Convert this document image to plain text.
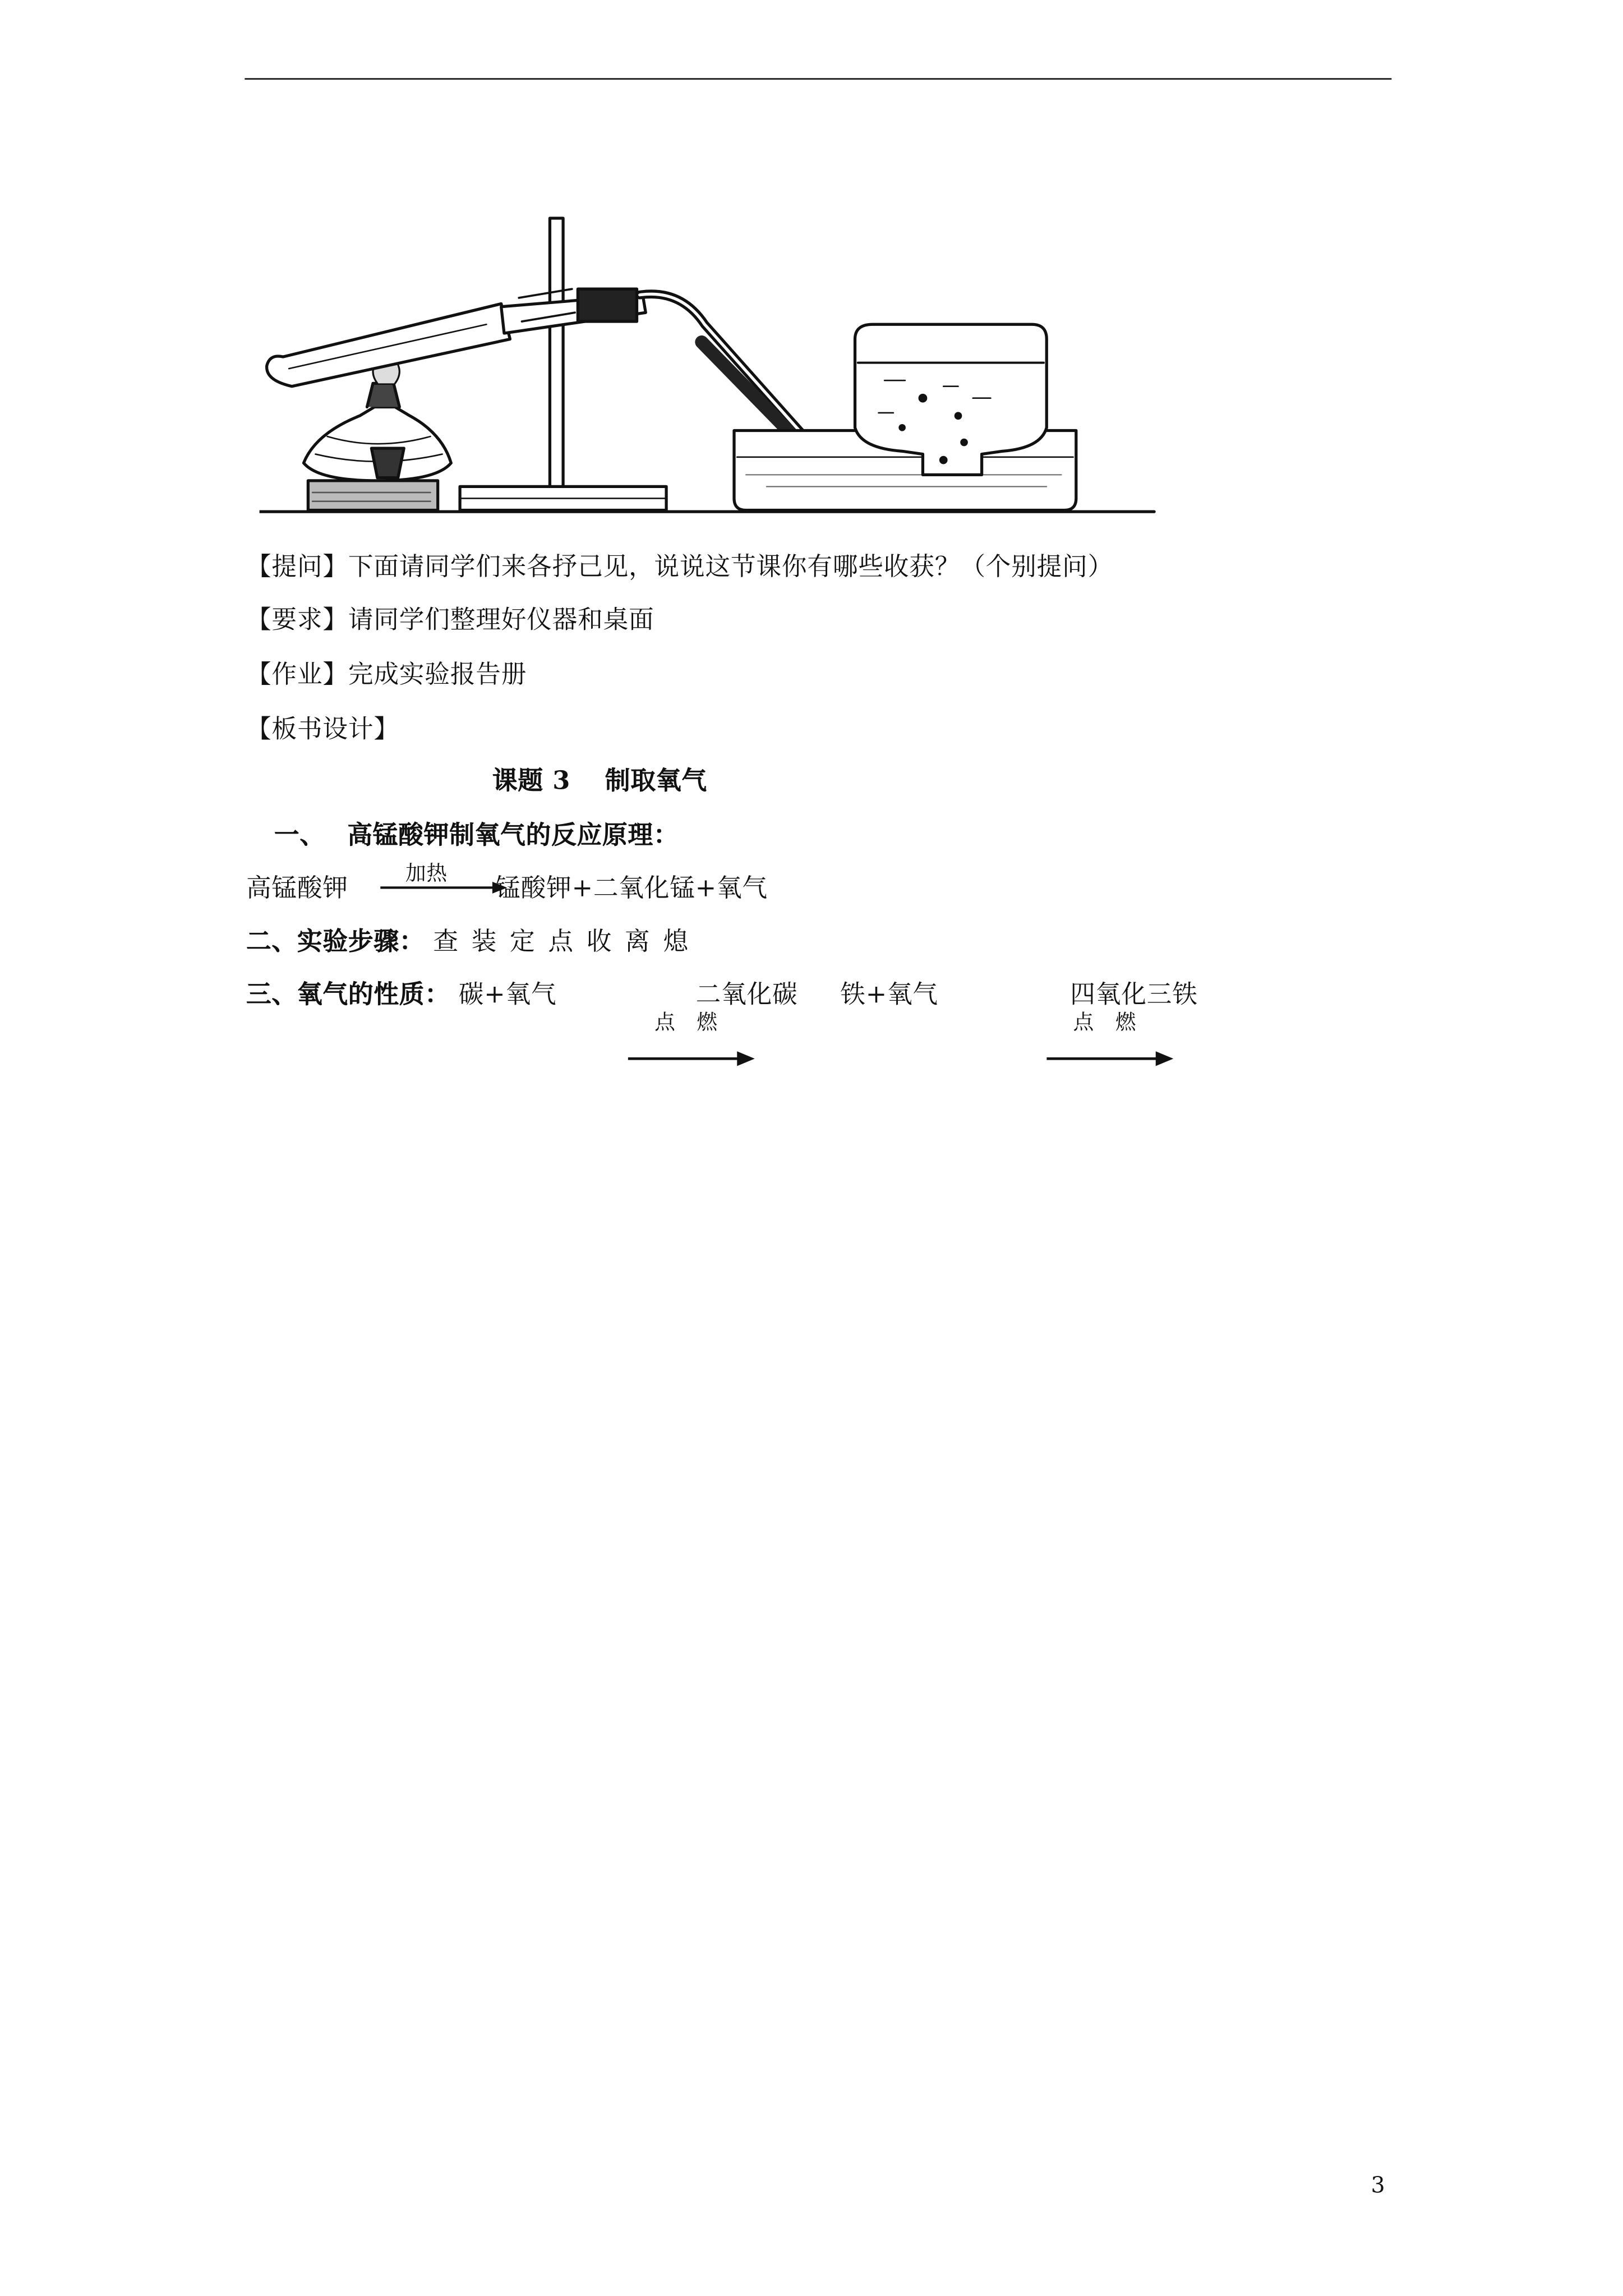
【提问】下面请同学们来各抒己见，说说这节课你有哪些收获？（个别提问）
【要求】请同学们整理好仪器和桌面
【作业】完成实验报告册
【板书设计】
课题 3　 制取氧气
一、　 高锰酸钾制氧气的反应原理：
高锰酸钾	加热	锰酸钾+二氧化锰+氧气
二、实验步骤： 查装定点收离熄
三、氧气的性质： 碳+氧气	二氧化碳	铁+氧气	四氧化三铁
点　燃	点　燃
3
